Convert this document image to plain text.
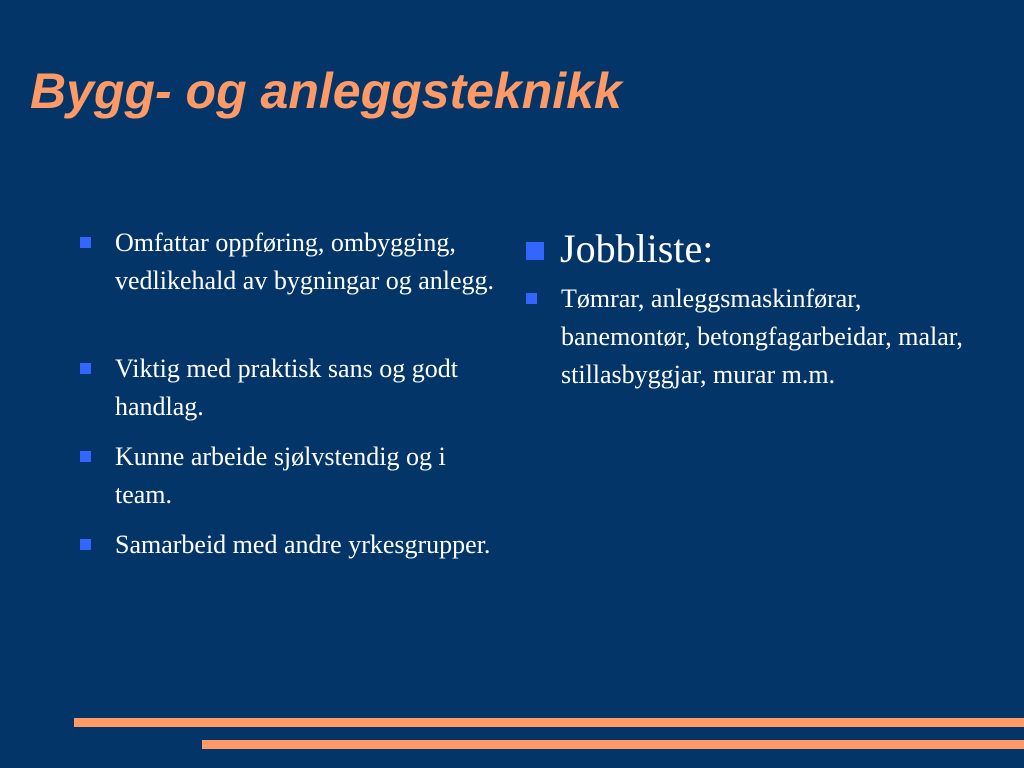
Bygg- og anleggsteknikk
Omfattar oppføring, ombygging, vedlikehald av bygningar og anlegg.
Viktig med praktisk sans og godt handlag.
Kunne arbeide sjølvstendig og i team.
Samarbeid med andre yrkesgrupper.
Jobbliste:
Tømrar, anleggsmaskinførar, banemontør, betongfagarbeidar, malar, stillasbyggjar, murar m.m.
